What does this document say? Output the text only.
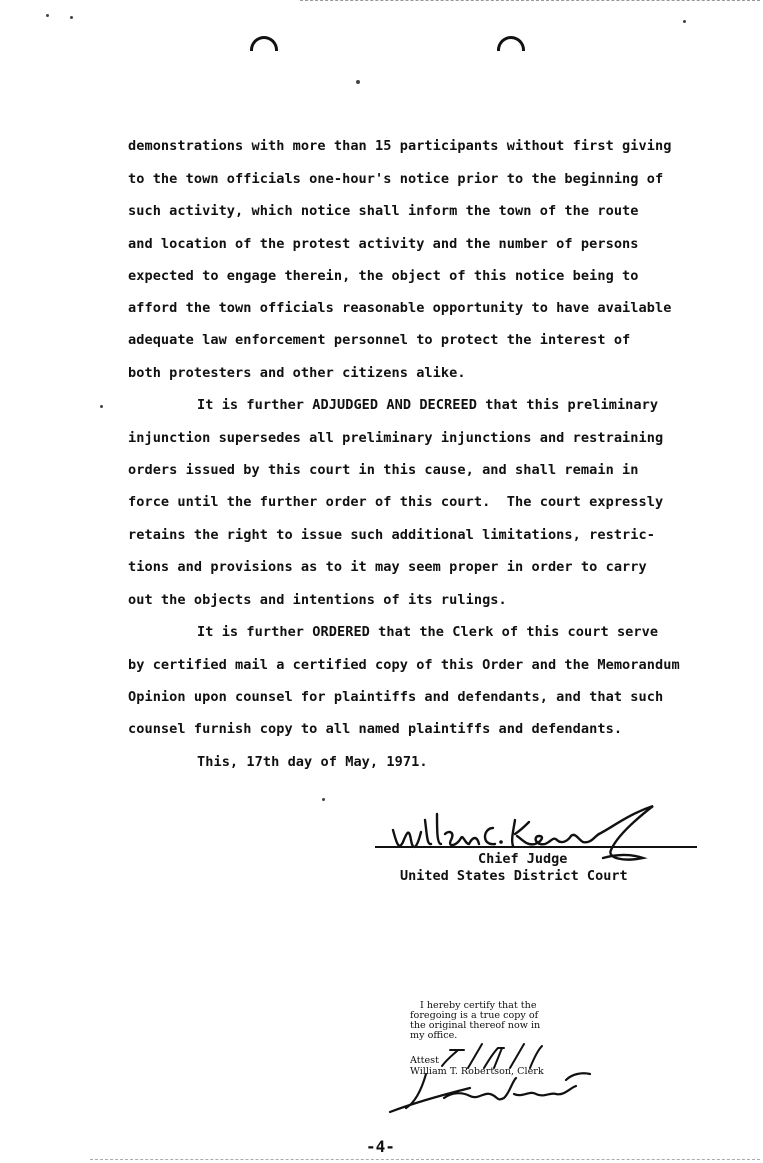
demonstrations with more than 15 participants without first giving
to the town officials one-hour's notice prior to the beginning of
such activity, which notice shall inform the town of the route
and location of the protest activity and the number of persons
expected to engage therein, the object of this notice being to
afford the town officials reasonable opportunity to have available
adequate law enforcement personnel to protect the interest of
both protesters and other citizens alike.
It is further ADJUDGED AND DECREED that this preliminary
injunction supersedes all preliminary injunctions and restraining
orders issued by this court in this cause, and shall remain in
force until the further order of this court.  The court expressly
retains the right to issue such additional limitations, restric-
tions and provisions as to it may seem proper in order to carry
out the objects and intentions of its rulings.
It is further ORDERED that the Clerk of this court serve
by certified mail a certified copy of this Order and the Memorandum
Opinion upon counsel for plaintiffs and defendants, and that such
counsel furnish copy to all named plaintiffs and defendants.
This, 17th day of May, 1971.
Chief Judge
United States District Court
I hereby certify that the
foregoing is a true copy of
the original thereof now in
my office.
Attest
William T. Robertson, Clerk
-4-
